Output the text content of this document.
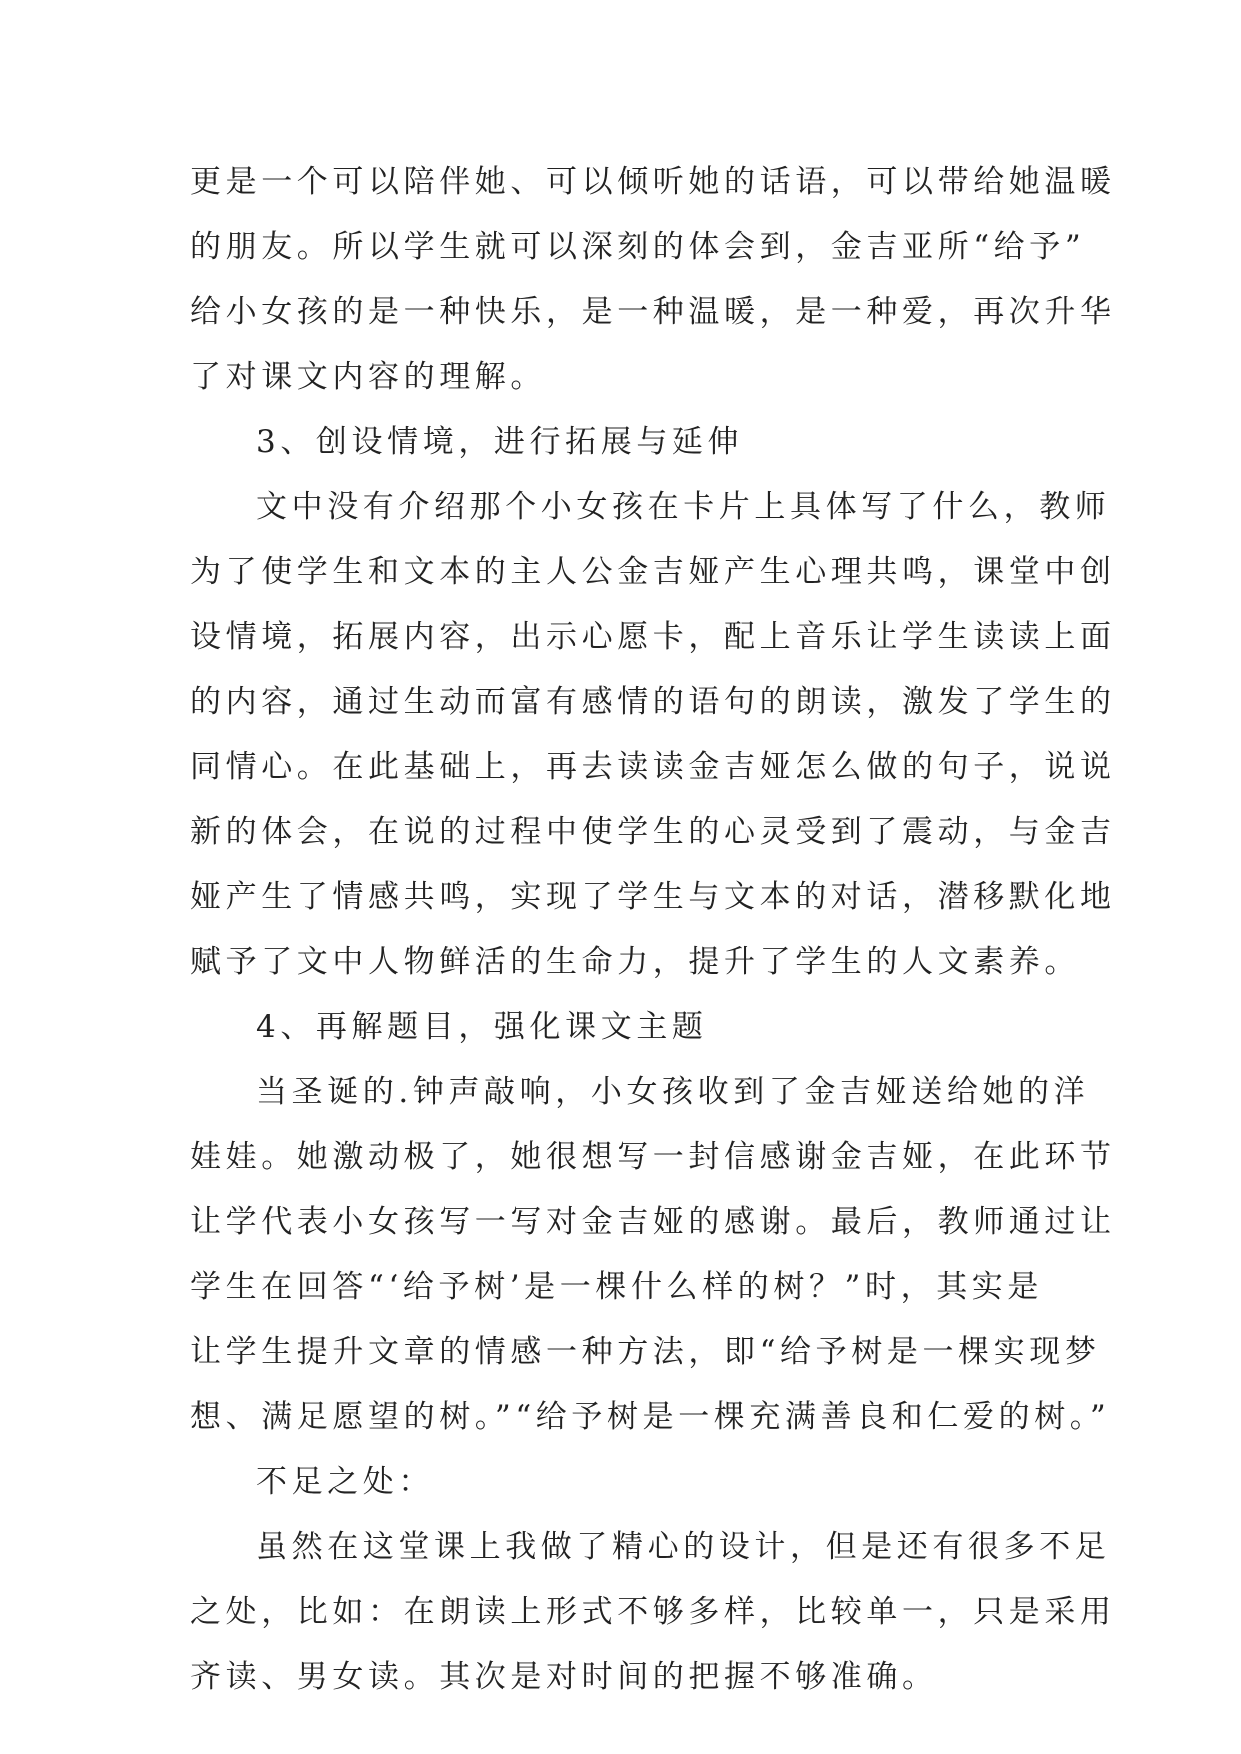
更是一个可以陪伴她、可以倾听她的话语，可以带给她温暖
的朋友。所以学生就可以深刻的体会到，金吉亚所“给予”
给小女孩的是一种快乐，是一种温暖，是一种爱，再次升华
了对课文内容的理解。
3、创设情境，进行拓展与延伸
文中没有介绍那个小女孩在卡片上具体写了什么，教师
为了使学生和文本的主人公金吉娅产生心理共鸣，课堂中创
设情境，拓展内容，出示心愿卡，配上音乐让学生读读上面
的内容，通过生动而富有感情的语句的朗读，激发了学生的
同情心。在此基础上，再去读读金吉娅怎么做的句子，说说
新的体会，在说的过程中使学生的心灵受到了震动，与金吉
娅产生了情感共鸣，实现了学生与文本的对话，潜移默化地
赋予了文中人物鲜活的生命力，提升了学生的人文素养。
4、再解题目，强化课文主题
当圣诞的.钟声敲响，小女孩收到了金吉娅送给她的洋
娃娃。她激动极了，她很想写一封信感谢金吉娅，在此环节
让学代表小女孩写一写对金吉娅的感谢。最后，教师通过让
学生在回答“‘给予树’是一棵什么样的树？”时，其实是
让学生提升文章的情感一种方法，即“给予树是一棵实现梦
想、满足愿望的树。”“给予树是一棵充满善良和仁爱的树。”
不足之处：
虽然在这堂课上我做了精心的设计，但是还有很多不足
之处，比如：在朗读上形式不够多样，比较单一，只是采用
齐读、男女读。其次是对时间的把握不够准确。
